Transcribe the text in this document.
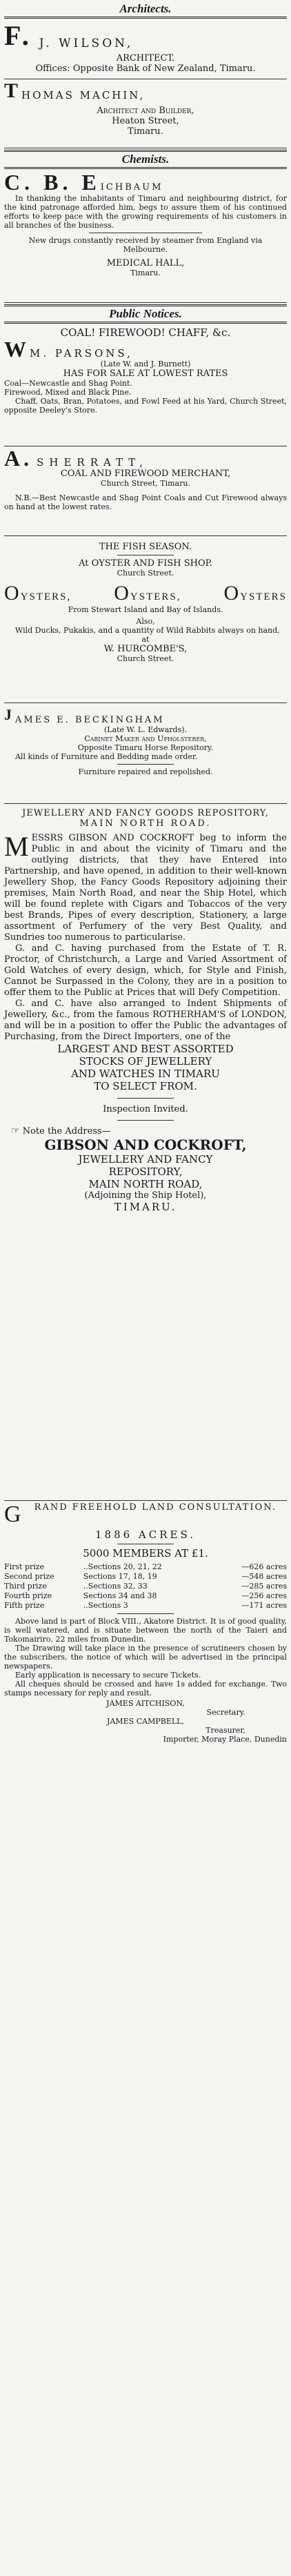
Architects.
F. J. WILSON,
ARCHITECT.
Offices: Opposite Bank of New Zealand, Timaru.
T HOMAS MACHIN,
Architect and Builder,
Heaton Street,
Timaru.
Chemists.
C. B. E ICHBAUM
In thanking the inhabitants of Timaru and neighbouring district, for the kind patronage afforded him, begs to assure them of his continued efforts to keep pace with the growing requirements of his customers in all branches of the business.
New drugs constantly received by steamer from England via Melbourne.
MEDICAL HALL,
Timaru.
Public Notices.
COAL! FIREWOOD! CHAFF, &c.
W M. PARSONS,
(Late W. and J. Burnett)
HAS FOR SALE AT LOWEST RATES
Coal—Newcastle and Shag Point.
Firewood, Mixed and Black Pine.
Chaff, Oats, Bran, Potatoes, and Fowl Feed at his Yard, Church Street, opposite Deeley's Store.
A. SHERRATT,
COAL AND FIREWOOD MERCHANT,
Church Street, Timaru.
N.B.—Best Newcastle and Shag Point Coals and Cut Firewood always on hand at the lowest rates.
THE FISH SEASON.
At OYSTER AND FISH SHOP.
Church Street.
OYSTERS, OYSTERS, OYSTERS
From Stewart Island and Bay of Islands.
Also,
Wild Ducks, Pukakis, and a quantity of Wild Rabbits always on hand,
at
W. HURCOMBE'S,
Church Street.
J AMES E. BECKINGHAM
(Late W. L. Edwards).
Cabinet Maker and Upholsterer,
Opposite Timaru Horse Repository.
All kinds of Furniture and Bedding made order.
Furniture repaired and repolished.
JEWELLERY AND FANCY GOODS REPOSITORY,
MAIN NORTH ROAD.
M ESSRS GIBSON AND COCKROFT beg to inform the Public in and about the vicinity of Timaru and the outlying districts, that they have Entered into Partnership, and have opened, in addition to their well-known Jewellery Shop, the Fancy Goods Repository adjoining their premises, Main North Road, and near the Ship Hotel, which will be found replete with Cigars and Tobaccos of the very best Brands, Pipes of every description, Stationery, a large assortment of Perfumery of the very Best Quality, and Sundries too numerous to particularise.
G. and C. having purchased from the Estate of T. R. Proctor, of Christchurch, a Large and Varied Assortment of Gold Watches of every design, which, for Style and Finish, Cannot be Surpassed in the Colony, they are in a position to offer them to the Public at Prices that will Defy Competition.
G. and C. have also arranged to Indent Shipments of Jewellery, &c., from the famous ROTHERHAM'S of LONDON, and will be in a position to offer the Public the advantages of Purchasing, from the Direct Importers, one of the
LARGEST AND BEST ASSORTED
STOCKS OF JEWELLERY
AND WATCHES IN TIMARU
TO SELECT FROM.
Inspection Invited.
☞ Note the Address—
GIBSON AND COCKROFT,
JEWELLERY AND FANCY
REPOSITORY,
MAIN NORTH ROAD,
(Adjoining the Ship Hotel),
TIMARU.
G	RAND FREEHOLD LAND CONSULTATION.
1886 ACRES.
5000 MEMBERS AT £1.
First prize	..Sections 20, 21, 22	—626 acres
Second prize	Sections 17, 18, 19	—548 acres
Third prize	..Sections 32, 33	—285 acres
Fourth prize	Sections 34 and 38	—256 acres
Fifth prize	..Sections 3	—171 acres
Above land is part of Block VIII., Akatore District. It is of good quality, is well watered, and is situate between the north of the Taieri and Tokomairiro, 22 miles from Dunedin.
The Drawing will take place in the presence of scrutineers chosen by the subscribers, the notice of which will be advertised in the principal newspapers.
Early application is necessary to secure Tickets.
All cheques should be crossed and have 1s added for exchange. Two stamps necessary for reply and result.
JAMES AITCHISON,
Secretary.
JAMES CAMPBELL,
Treasurer,
Importer, Moray Place, Dunedin
